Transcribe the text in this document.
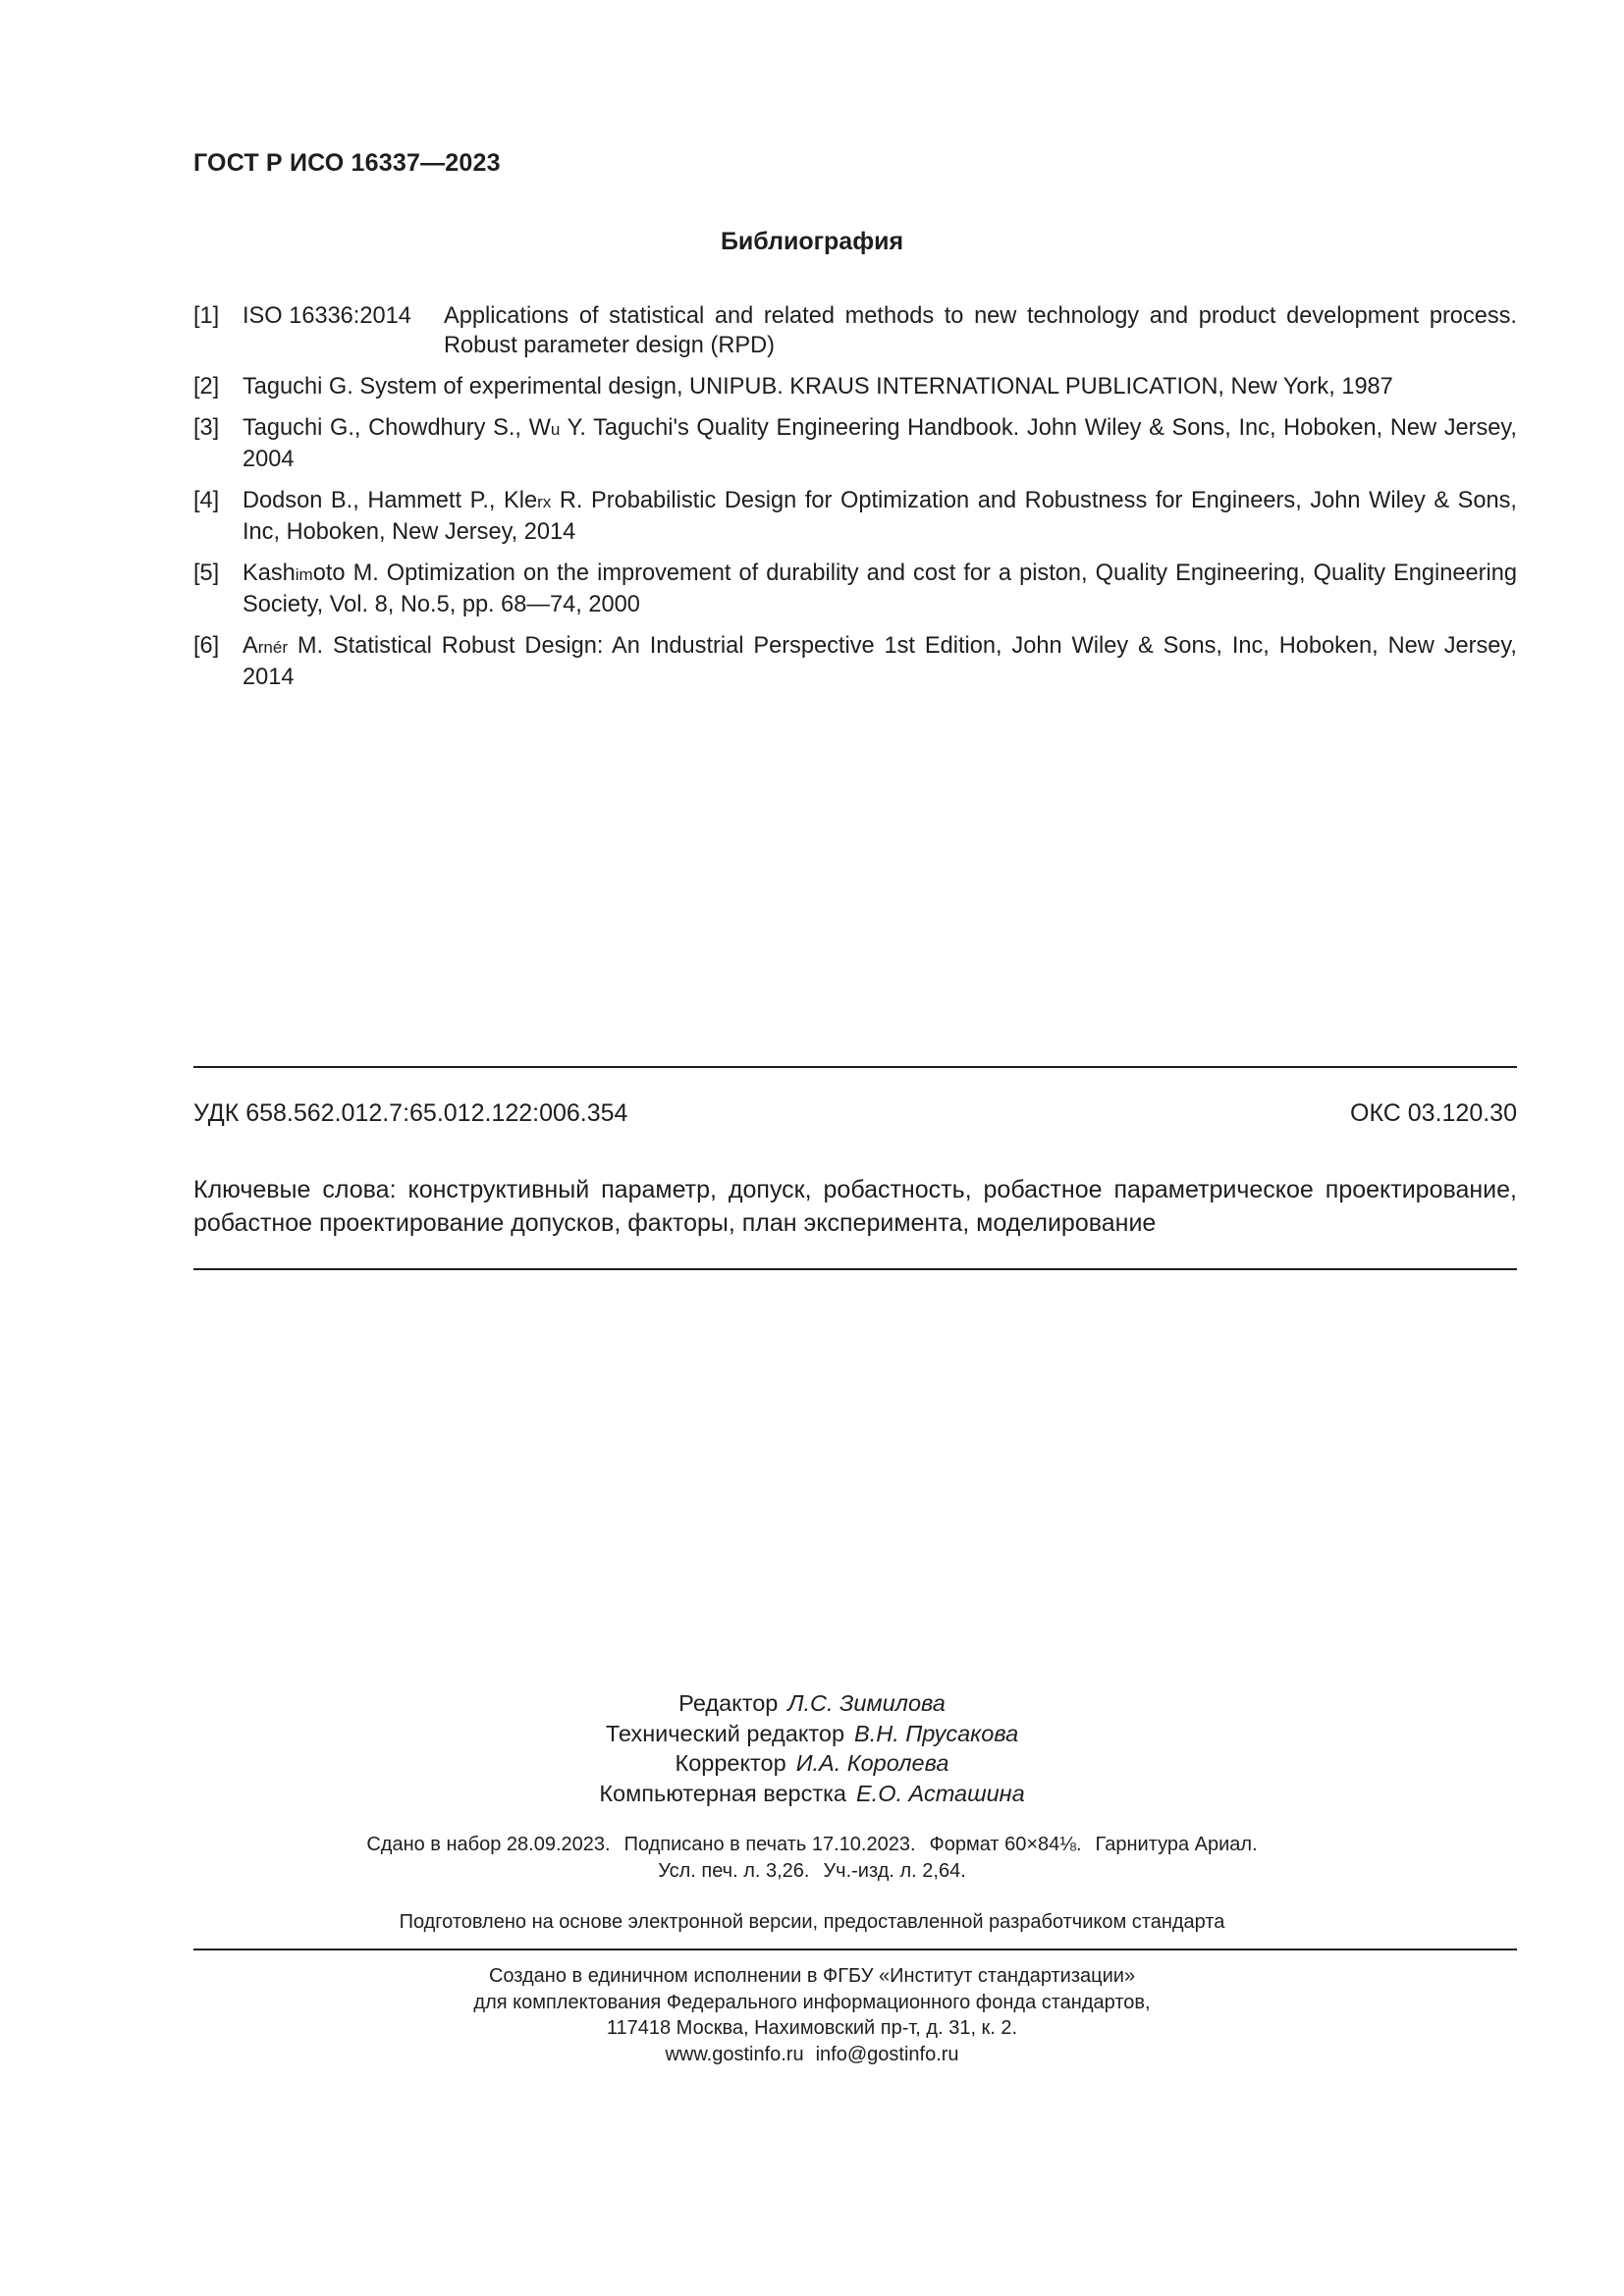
ГОСТ Р ИСО 16337—2023
Библиография
[1]	ISO 16336:2014	Applications of statistical and related methods to new technology and product development process. Robust parameter design (RPD)
[2]	Taguchi G. System of experimental design, UNIPUB. KRAUS INTERNATIONAL PUBLICATION, New York, 1987
[3]	Taguchi G., Chowdhury S., Wu Y. Taguchi's Quality Engineering Handbook. John Wiley & Sons, Inc, Hoboken, New Jersey, 2004
[4]	Dodson B., Hammett P., Klerx R. Probabilistic Design for Optimization and Robustness for Engineers, John Wiley & Sons, Inc, Hoboken, New Jersey, 2014
[5]	Kashimoto M. Optimization on the improvement of durability and cost for a piston, Quality Engineering, Quality Engineering Society, Vol. 8, No.5, pp. 68—74, 2000
[6]	Arnér M. Statistical Robust Design: An Industrial Perspective 1st Edition, John Wiley & Sons, Inc, Hoboken, New Jersey, 2014
УДК 658.562.012.7:65.012.122:006.354	ОКС 03.120.30
Ключевые слова: конструктивный параметр, допуск, робастность, робастное параметрическое проектирование, робастное проектирование допусков, факторы, план эксперимента, моделирование
Редактор Л.С. Зимилова
Технический редактор В.Н. Прусакова
Корректор И.А. Королева
Компьютерная верстка Е.О. Асташина
Сдано в набор 28.09.2023. Подписано в печать 17.10.2023. Формат 60×84⅛. Гарнитура Ариал.
Усл. печ. л. 3,26. Уч.-изд. л. 2,64.
Подготовлено на основе электронной версии, предоставленной разработчиком стандарта
Создано в единичном исполнении в ФГБУ «Институт стандартизации»
для комплектования Федерального информационного фонда стандартов,
117418 Москва, Нахимовский пр-т, д. 31, к. 2.
www.gostinfo.ru info@gostinfo.ru
